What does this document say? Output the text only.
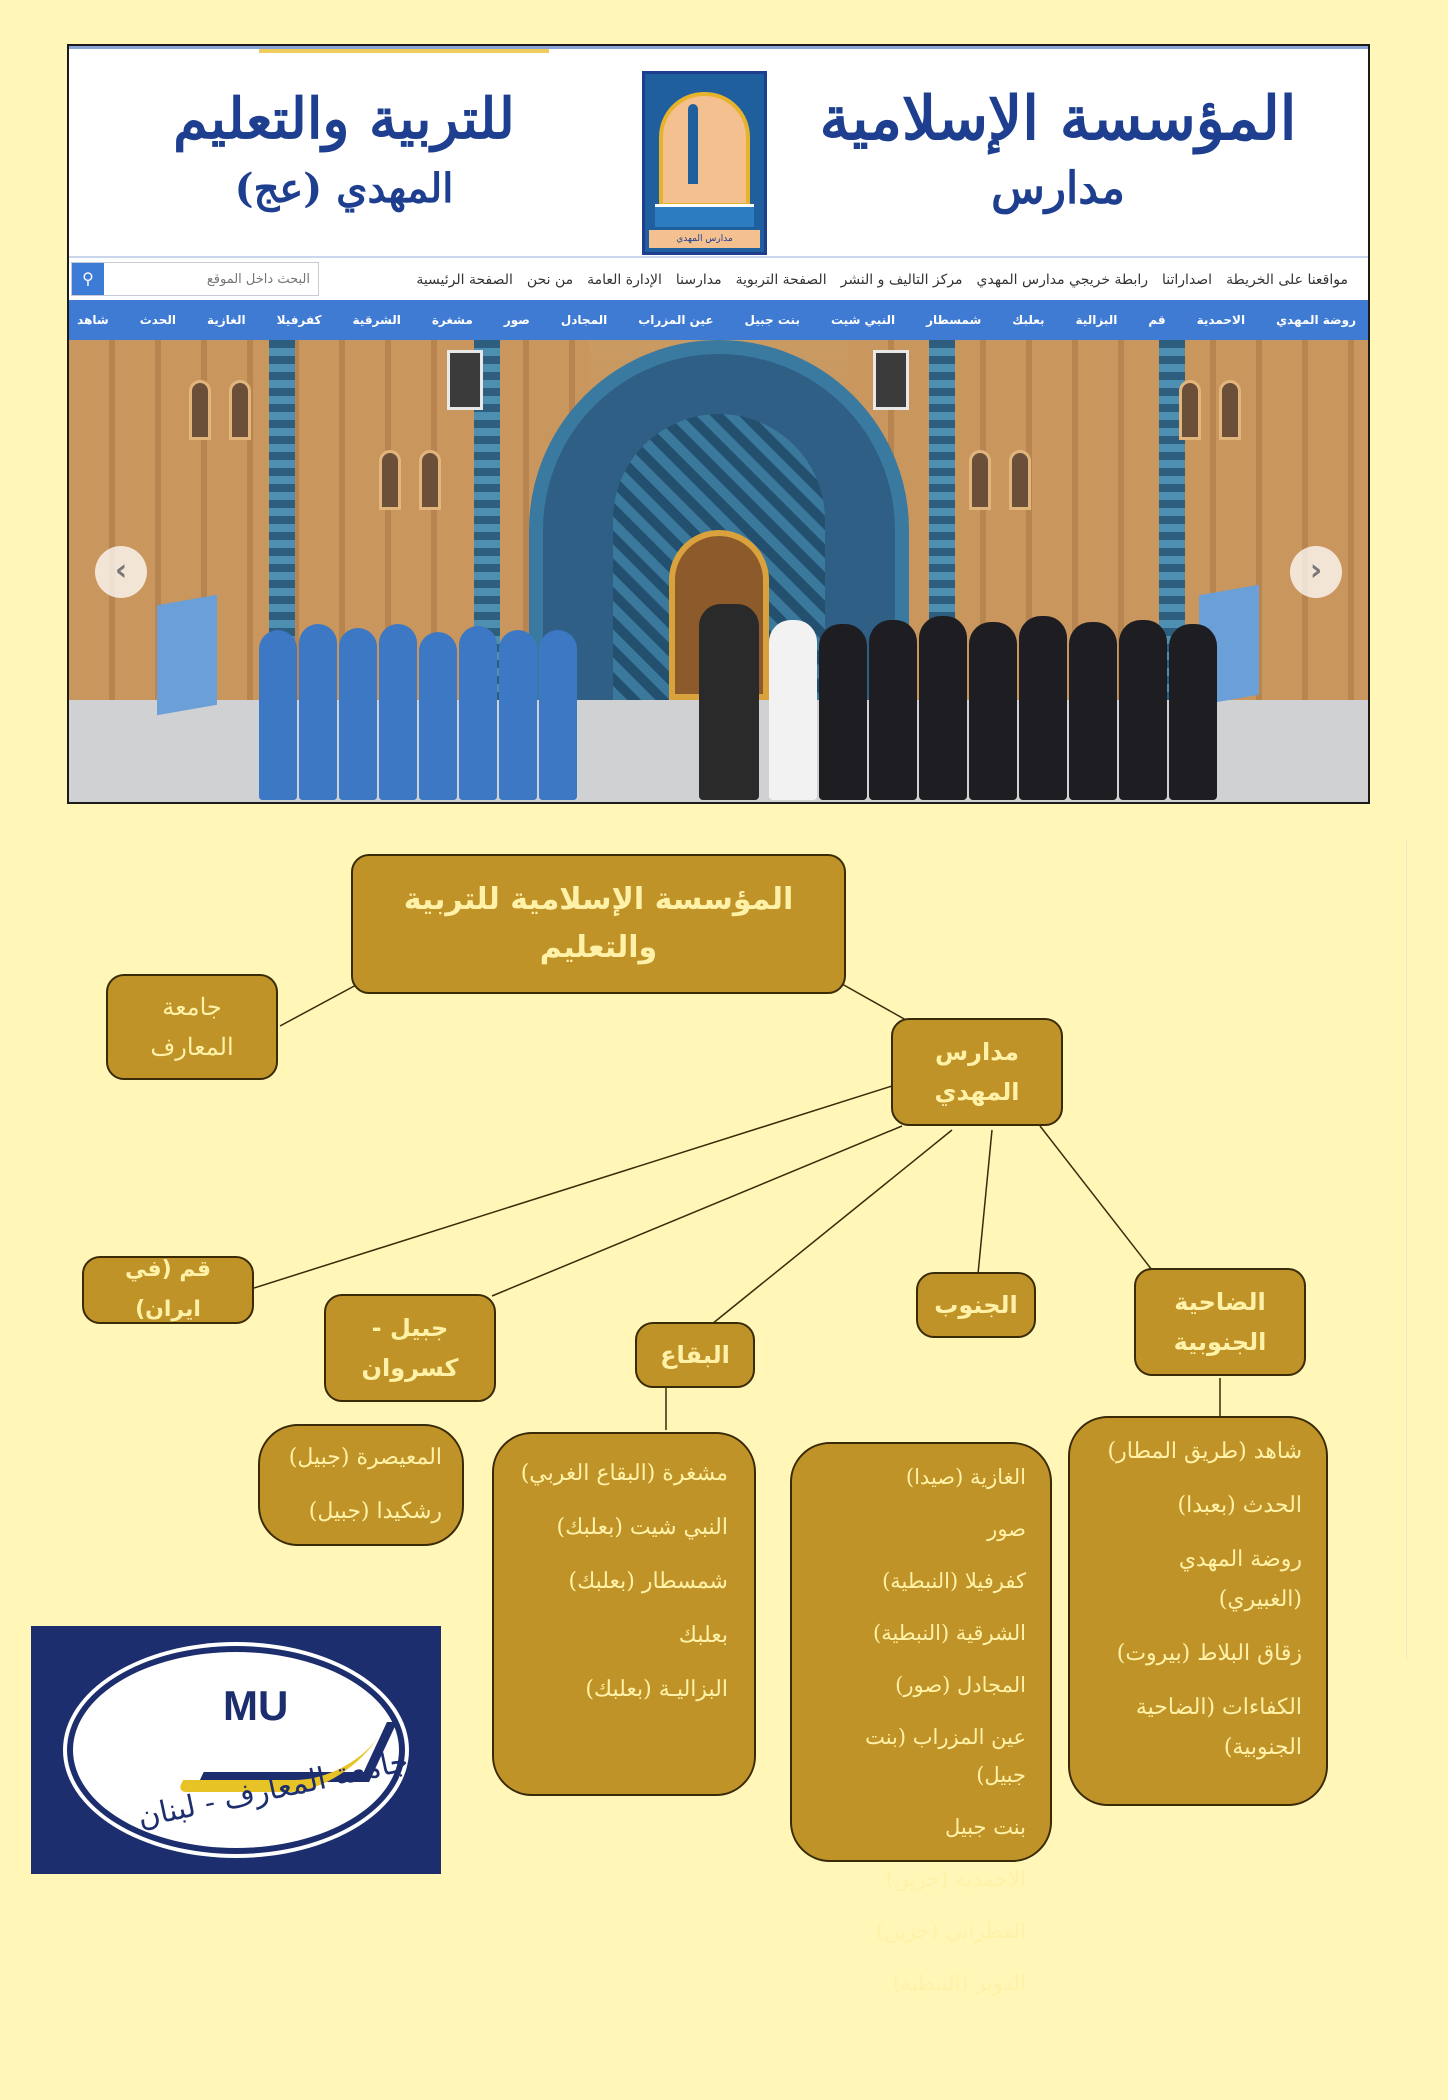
المؤسسة الإسلامية
مدارس
مدارس المهدي
للتربية والتعليم
المهدي (عج)
الصفحة الرئيسية من نحن الإدارة العامة مدارسنا الصفحة التربوية مركز التاليف و النشر رابطة خريجي مدارس المهدي اصداراتنا مواقعنا على الخريطة
⚲
البحث داخل الموقع
شاهد	الحدث	الغازية	كفرفيلا	الشرقية	مشغرة	صور	المجادل	عين المزراب	بنت جبيل	النبي شيت	شمسطار	بعلبك	البزالية	قم	الاحمدية	روضة المهدي
‹	›
المؤسسة الإسلامية للتربية
والتعليم
جامعة
المعارف	مدارس
المهدي
قم (في ايران)
جبيل -
كسروان	البقاع
الجنوب	الضاحية
الجنوبية
المعيصرة (جبيل)
رشكيدا (جبيل)
مشغرة (البقاع الغربي)
النبي شيت (بعلبك)
شمسطار (بعلبك)
بعلبك
البزاليـة (بعلبك)
الغازية (صيدا)
صور
كفرفيلا (النبطية)
الشرقية (النبطية)
المجادل (صور)
عين المزراب (بنت جبيل)
بنت جبيل
الاحمدية (جزين)
القطراني (جزين)
الدوير (النبطية)
شاهد (طريق المطار)
الحدث (بعبدا)
روضة المهدي (الغبيري)
زقاق البلاط (بيروت)
الكفاءات (الضاحية الجنوبية)
MU
جامعة المعارف - لبنان
